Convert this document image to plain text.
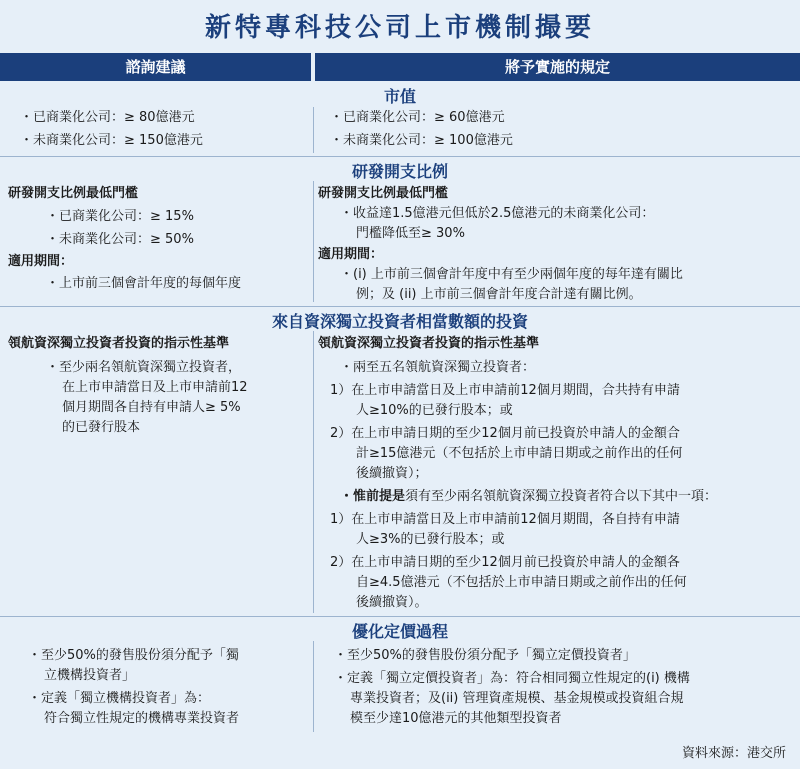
新特專科技公司上市機制撮要
諮詢建議	將予實施的規定
市值
・已商業化公司：≥ 80億港元
・未商業化公司：≥ 150億港元
・已商業化公司：≥ 60億港元
・未商業化公司：≥ 100億港元
研發開支比例
研發開支比例最低門檻
・已商業化公司：≥ 15%
・未商業化公司：≥ 50%
適用期間：
・上市前三個會計年度的每個年度
研發開支比例最低門檻
・收益達1.5億港元但低於2.5億港元的未商業化公司：
門檻降低至≥ 30%
適用期間：
・(i) 上市前三個會計年度中有至少兩個年度的每年達有關比
例；及 (ii) 上市前三個會計年度合計達有關比例。
來自資深獨立投資者相當數額的投資
領航資深獨立投資者投資的指示性基準
・至少兩名領航資深獨立投資者，
在上市申請當日及上市申請前12
個月期間各自持有申請人≥ 5%
的已發行股本
領航資深獨立投資者投資的指示性基準
・兩至五名領航資深獨立投資者：
1）在上市申請當日及上市申請前12個月期間，合共持有申請
人≥10%的已發行股本；或
2）在上市申請日期的至少12個月前已投資於申請人的金額合
計≥15億港元（不包括於上市申請日期或之前作出的任何
後續撤資）；
・惟前提是須有至少兩名領航資深獨立投資者符合以下其中一項：
1）在上市申請當日及上市申請前12個月期間，各自持有申請
人≥3%的已發行股本；或
2）在上市申請日期的至少12個月前已投資於申請人的金額各
自≥4.5億港元（不包括於上市申請日期或之前作出的任何
後續撤資）。
優化定價過程
・至少50%的發售股份須分配予「獨
立機構投資者」
・定義「獨立機構投資者」為：
符合獨立性規定的機構專業投資者
・至少50%的發售股份須分配予「獨立定價投資者」
・定義「獨立定價投資者」為：符合相同獨立性規定的(i) 機構
專業投資者；及(ii) 管理資產規模、基金規模或投資組合規
模至少達10億港元的其他類型投資者
資料來源：港交所
